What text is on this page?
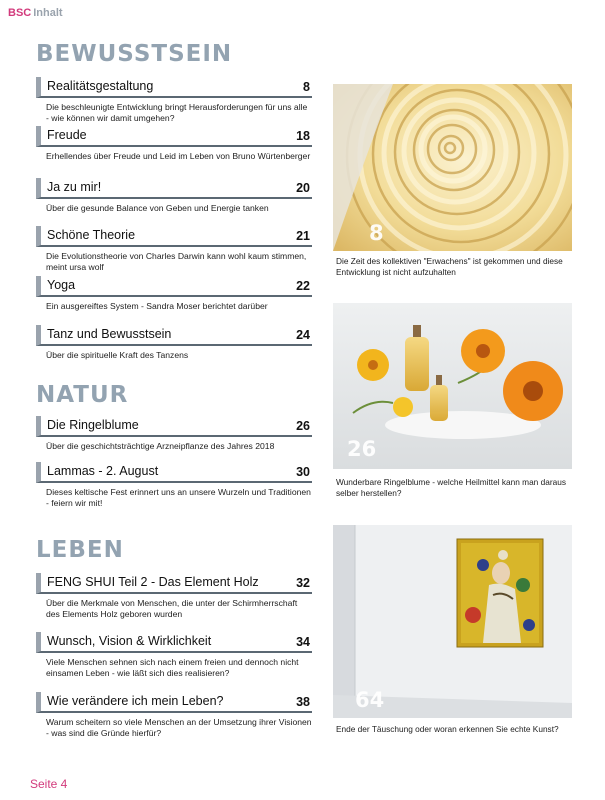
BSC Inhalt
BEWUSSTSEIN
NATUR
LEBEN
Realitätsgestaltung	8
Die beschleunigte Entwicklung bringt Herausforderungen für uns alle - wie können wir damit umgehen?
Freude	18
Erhellendes über Freude und Leid im Leben von Bruno Würtenberger
Ja zu mir!	20
Über die gesunde Balance von Geben und Energie tanken
Schöne Theorie	21
Die Evolutionstheorie von Charles Darwin kann wohl kaum stimmen, meint ursa wolf
Yoga	22
Ein ausgereiftes System - Sandra Moser berichtet darüber
Tanz und Bewusstsein	24
Über die spirituelle Kraft des Tanzens
Die Ringelblume	26
Über die geschichtsträchtige Arzneipflanze des Jahres 2018
Lammas - 2. August	30
Dieses keltische Fest erinnert uns an unsere Wurzeln und Traditionen - feiern wir mit!
FENG SHUI Teil 2 - Das Element Holz	32
Über die Merkmale von Menschen, die unter der Schirmherrschaft des Elements Holz geboren wurden
Wunsch, Vision & Wirklichkeit	34
Viele Menschen sehnen sich nach einem freien und dennoch nicht einsamen Leben - wie läßt sich dies realisieren?
Wie verändere ich mein Leben?	38
Warum scheitern so viele Menschen an der Umsetzung ihrer Visionen - was sind die Gründe hierfür?
8
Die Zeit des kollektiven "Erwachens" ist gekommen und diese Entwicklung ist nicht aufzuhalten
26
Wunderbare Ringelblume - welche Heilmittel kann man daraus selber herstellen?
64
Ende der Täuschung oder woran erkennen Sie echte Kunst?
Seite 4
